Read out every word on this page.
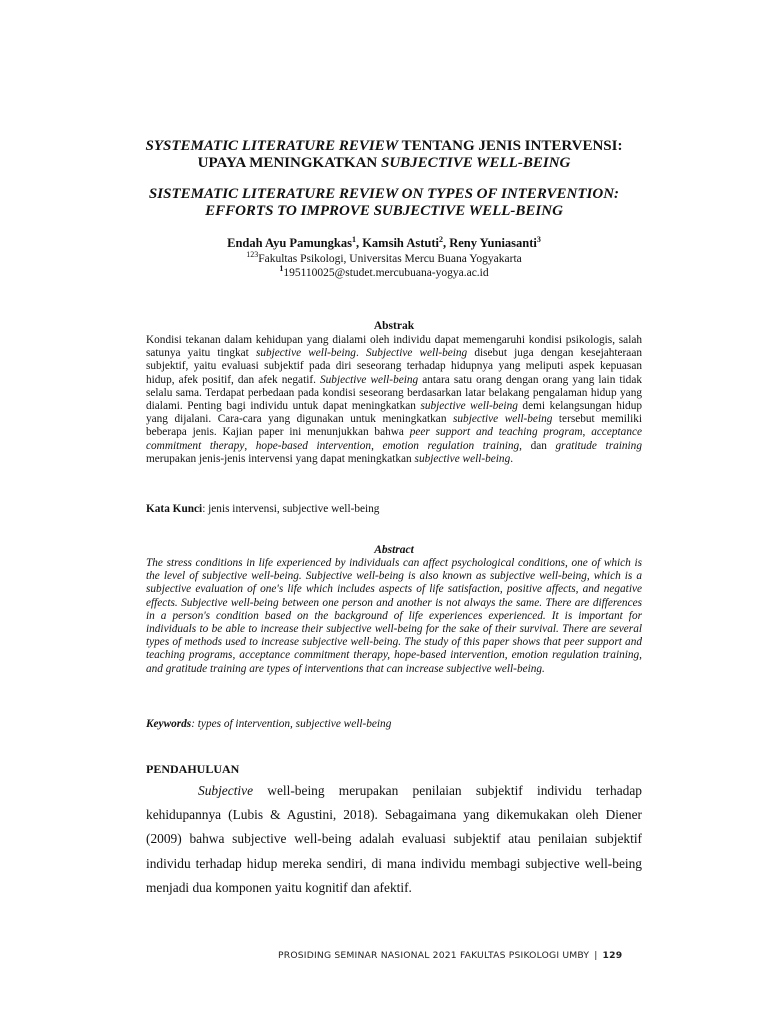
SYSTEMATIC LITERATURE REVIEW TENTANG JENIS INTERVENSI:

UPAYA MENINGKATKAN SUBJECTIVE WELL-BEING

SISTEMATIC LITERATURE REVIEW ON TYPES OF INTERVENTION:

EFFORTS TO IMPROVE SUBJECTIVE WELL-BEING

Endah Ayu Pamungkas$^1$, Kamsih Astuti$^2$, Reny Yuniasanti$^3$

$^{123}$Fakultas Psikologi, Universitas Mercu Buana Yogyakarta

$^1$195110025@studet.mercubuana-yogya.ac.id

Abstrak

Kondisi tekanan dalam kehidupan yang dialami oleh individu dapat memengaruhi kondisi psikologis, salah satunya yaitu tingkat subjective well-being. Subjective well-being disebut juga dengan kesejahteraan subjektif, yaitu evaluasi subjektif pada diri seseorang terhadap hidupnya yang meliputi aspek kepuasan hidup, afek positif, dan afek negatif. Subjective well-being antara satu orang dengan orang yang lain tidak selalu sama. Terdapat perbedaan pada kondisi seseorang berdasarkan latar belakang pengalaman hidup yang dialami. Penting bagi individu untuk dapat meningkatkan subjective well-being demi kelangsungan hidup yang dijalani. Cara-cara yang digunakan untuk meningkatkan subjective well-being tersebut memiliki beberapa jenis. Kajian paper ini menunjukkan bahwa peer support and teaching program, acceptance commitment therapy, hope-based intervention, emotion regulation training, dan gratitude training merupakan jenis-jenis intervensi yang dapat meningkatkan subjective well-being.

Kata Kunci: jenis intervensi, subjective well-being

Abstract

The stress conditions in life experienced by individuals can affect psychological conditions, one of which is the level of subjective well-being. Subjective well-being is also known as subjective well-being, which is a subjective evaluation of one's life which includes aspects of life satisfaction, positive affects, and negative effects. Subjective well-being between one person and another is not always the same. There are differences in a person's condition based on the background of life experiences experienced. It is important for individuals to be able to increase their subjective well-being for the sake of their survival. There are several types of methods used to increase subjective well-being. The study of this paper shows that peer support and teaching programs, acceptance commitment therapy, hope-based intervention, emotion regulation training, and gratitude training are types of interventions that can increase subjective well-being.

Keywords: types of intervention, subjective well-being

PENDAHULUAN

Subjective well-being merupakan penilaian subjektif individu terhadap kehidupannya (Lubis & Agustini, 2018). Sebagaimana yang dikemukakan oleh Diener (2009) bahwa subjective well-being adalah evaluasi subjektif atau penilaian subjektif individu terhadap hidup mereka sendiri, di mana individu membagi subjective well-being menjadi dua komponen yaitu kognitif dan afektif.

PROSIDING SEMINAR NASIONAL 2021 FAKULTAS PSIKOLOGI UMBY | 129
